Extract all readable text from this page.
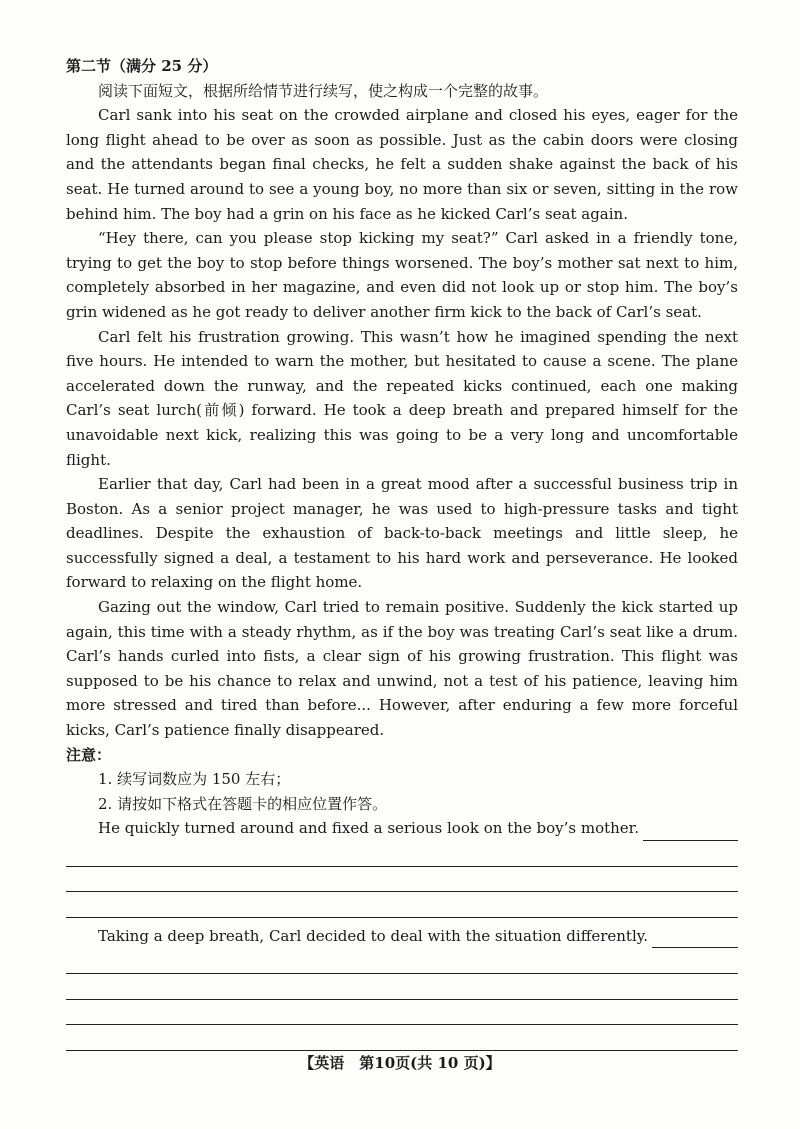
第二节（满分 25 分）

阅读下面短文，根据所给情节进行续写，使之构成一个完整的故事。

Carl sank into his seat on the crowded airplane and closed his eyes, eager for the long flight ahead to be over as soon as possible. Just as the cabin doors were closing and the attendants began final checks, he felt a sudden shake against the back of his seat. He turned around to see a young boy, no more than six or seven, sitting in the row behind him. The boy had a grin on his face as he kicked Carl’s seat again.

“Hey there, can you please stop kicking my seat?” Carl asked in a friendly tone, trying to get the boy to stop before things worsened. The boy’s mother sat next to him, completely absorbed in her magazine, and even did not look up or stop him. The boy’s grin widened as he got ready to deliver another firm kick to the back of Carl’s seat.

Carl felt his frustration growing. This wasn’t how he imagined spending the next five hours. He intended to warn the mother, but hesitated to cause a scene. The plane accelerated down the runway, and the repeated kicks continued, each one making Carl’s seat lurch(前倾) forward. He took a deep breath and prepared himself for the unavoidable next kick, realizing this was going to be a very long and uncomfortable flight.

Earlier that day, Carl had been in a great mood after a successful business trip in Boston. As a senior project manager, he was used to high-pressure tasks and tight deadlines. Despite the exhaustion of back-to-back meetings and little sleep, he successfully signed a deal, a testament to his hard work and perseverance. He looked forward to relaxing on the flight home.

Gazing out the window, Carl tried to remain positive. Suddenly the kick started up again, this time with a steady rhythm, as if the boy was treating Carl’s seat like a drum. Carl’s hands curled into fists, a clear sign of his growing frustration. This flight was supposed to be his chance to relax and unwind, not a test of his patience, leaving him more stressed and tired than before... However, after enduring a few more forceful kicks, Carl’s patience finally disappeared.

注意：

1. 续写词数应为 150 左右；

2. 请按如下格式在答题卡的相应位置作答。

He quickly turned around and fixed a serious look on the boy’s mother.
Taking a deep breath, Carl decided to deal with the situation differently.
【英语　第10页(共 10 页)】
